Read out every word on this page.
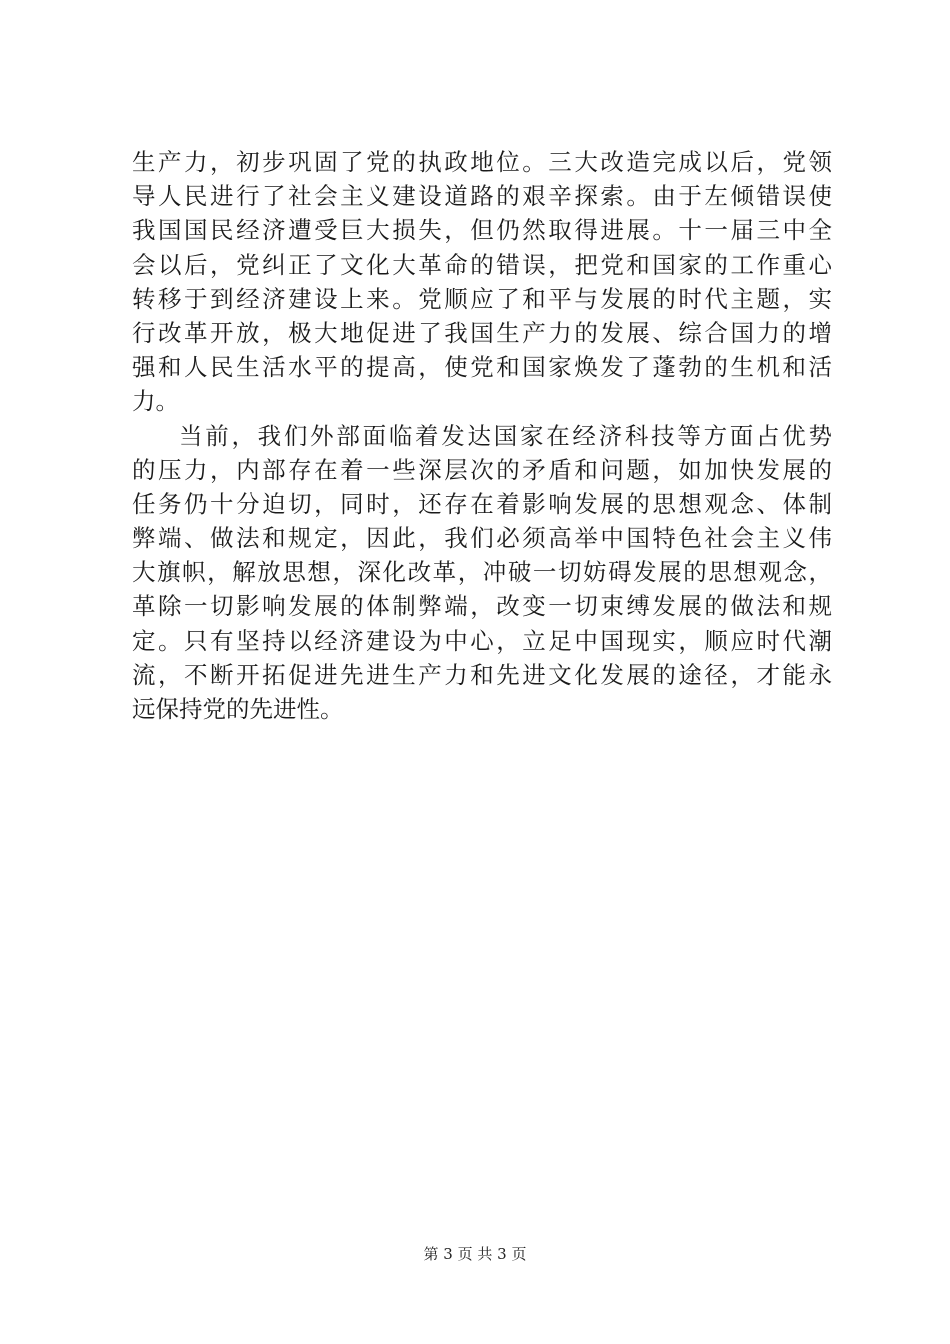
生产力，初步巩固了党的执政地位。三大改造完成以后，党领
导人民进行了社会主义建设道路的艰辛探索。由于左倾错误使
我国国民经济遭受巨大损失，但仍然取得进展。十一届三中全
会以后，党纠正了文化大革命的错误，把党和国家的工作重心
转移于到经济建设上来。党顺应了和平与发展的时代主题，实
行改革开放，极大地促进了我国生产力的发展、综合国力的增
强和人民生活水平的提高，使党和国家焕发了蓬勃的生机和活
力。
当前，我们外部面临着发达国家在经济科技等方面占优势
的压力，内部存在着一些深层次的矛盾和问题，如加快发展的
任务仍十分迫切，同时，还存在着影响发展的思想观念、体制
弊端、做法和规定，因此，我们必须高举中国特色社会主义伟
大旗帜，解放思想，深化改革，冲破一切妨碍发展的思想观念，
革除一切影响发展的体制弊端，改变一切束缚发展的做法和规
定。只有坚持以经济建设为中心，立足中国现实，顺应时代潮
流，不断开拓促进先进生产力和先进文化发展的途径，才能永
远保持党的先进性。
第 3 页 共 3 页
